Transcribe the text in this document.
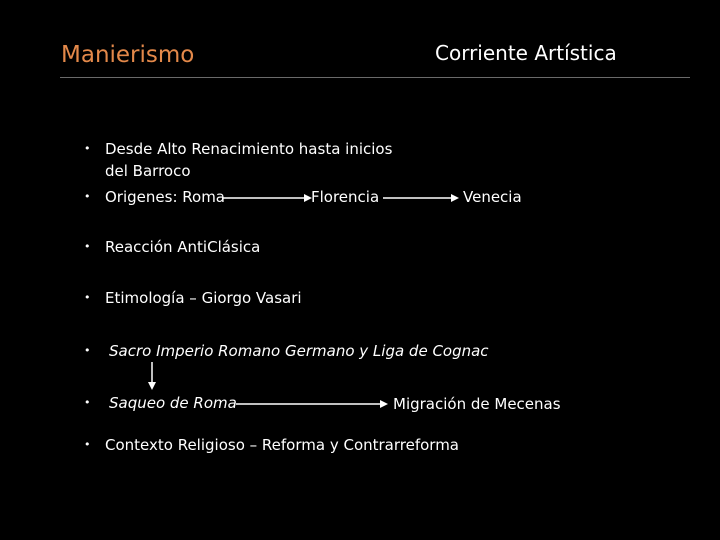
Manierismo	Corriente Artística
• Desde Alto Renacimiento hasta inicios
del Barroco
• Origenes: Roma	Florencia	Venecia
• Reacción AntiClásica
• Etimología – Giorgo Vasari
• Sacro Imperio Romano Germano y Liga de Cognac
• Saqueo de Roma	Migración de Mecenas
• Contexto Religioso – Reforma y Contrarreforma
